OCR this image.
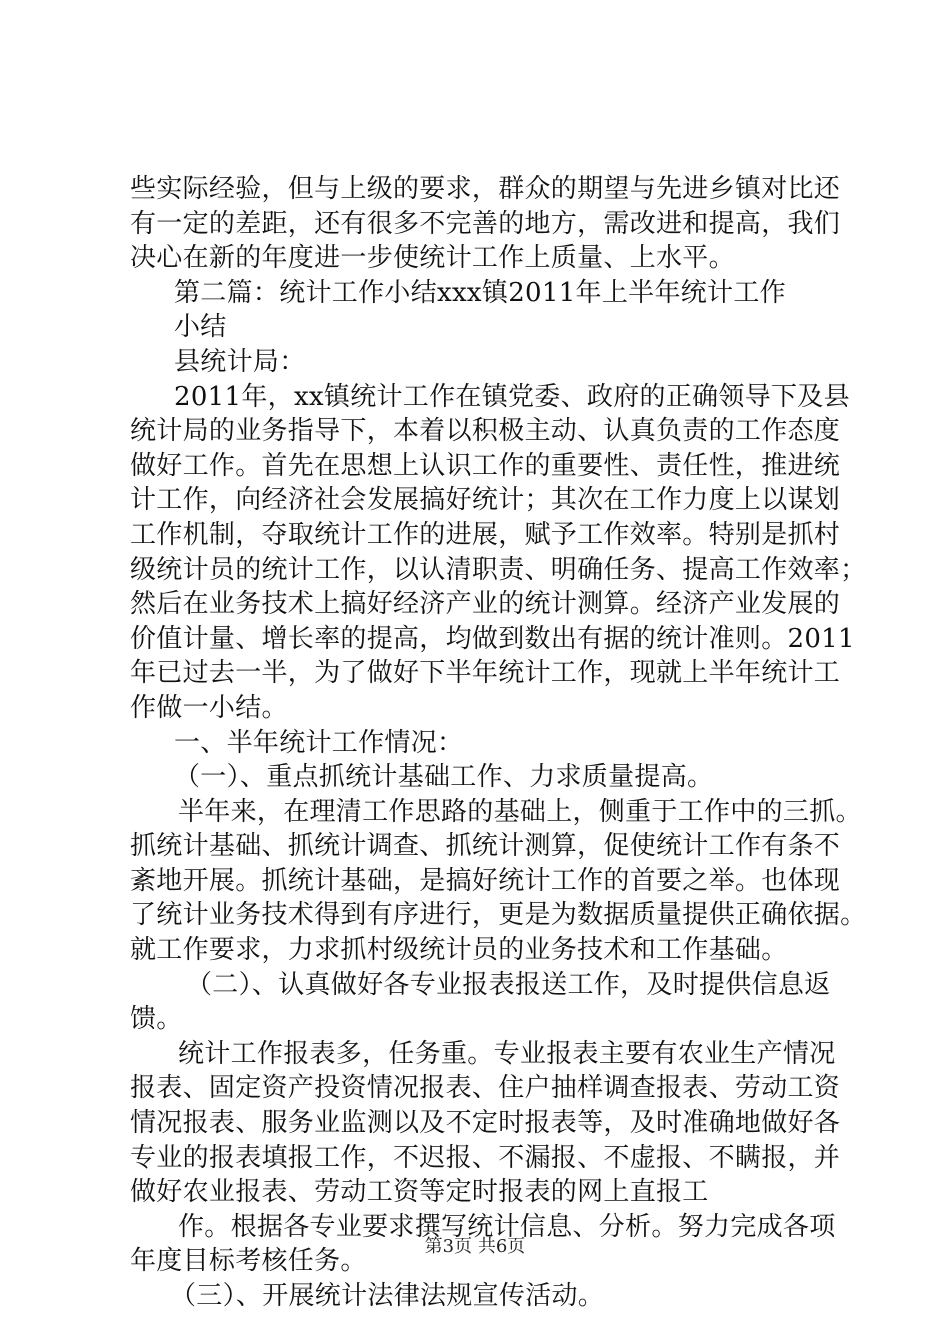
些实际经验，但与上级的要求，群众的期望与先进乡镇对比还
有一定的差距，还有很多不完善的地方，需改进和提高，我们
决心在新的年度进一步使统计工作上质量、上水平。
第二篇：统计工作小结xxx镇2011年上半年统计工作
小结
县统计局：
2011年，xx镇统计工作在镇党委、政府的正确领导下及县
统计局的业务指导下，本着以积极主动、认真负责的工作态度
做好工作。首先在思想上认识工作的重要性、责任性，推进统
计工作，向经济社会发展搞好统计；其次在工作力度上以谋划
工作机制，夺取统计工作的进展，赋予工作效率。特别是抓村
级统计员的统计工作，以认清职责、明确任务、提高工作效率；
然后在业务技术上搞好经济产业的统计测算。经济产业发展的
价值计量、增长率的提高，均做到数出有据的统计准则。2011
年已过去一半，为了做好下半年统计工作，现就上半年统计工
作做一小结。
一、半年统计工作情况：
（一）、重点抓统计基础工作、力求质量提高。
半年来，在理清工作思路的基础上，侧重于工作中的三抓。
抓统计基础、抓统计调查、抓统计测算，促使统计工作有条不
紊地开展。抓统计基础，是搞好统计工作的首要之举。也体现
了统计业务技术得到有序进行，更是为数据质量提供正确依据。
就工作要求，力求抓村级统计员的业务技术和工作基础。
（二）、认真做好各专业报表报送工作，及时提供信息返
馈。
统计工作报表多，任务重。专业报表主要有农业生产情况
报表、固定资产投资情况报表、住户抽样调查报表、劳动工资
情况报表、服务业监测以及不定时报表等，及时准确地做好各
专业的报表填报工作，不迟报、不漏报、不虚报、不瞒报，并
做好农业报表、劳动工资等定时报表的网上直报工
作。根据各专业要求撰写统计信息、分析。努力完成各项
年度目标考核任务。
（三）、开展统计法律法规宣传活动。
第3页 共6页
